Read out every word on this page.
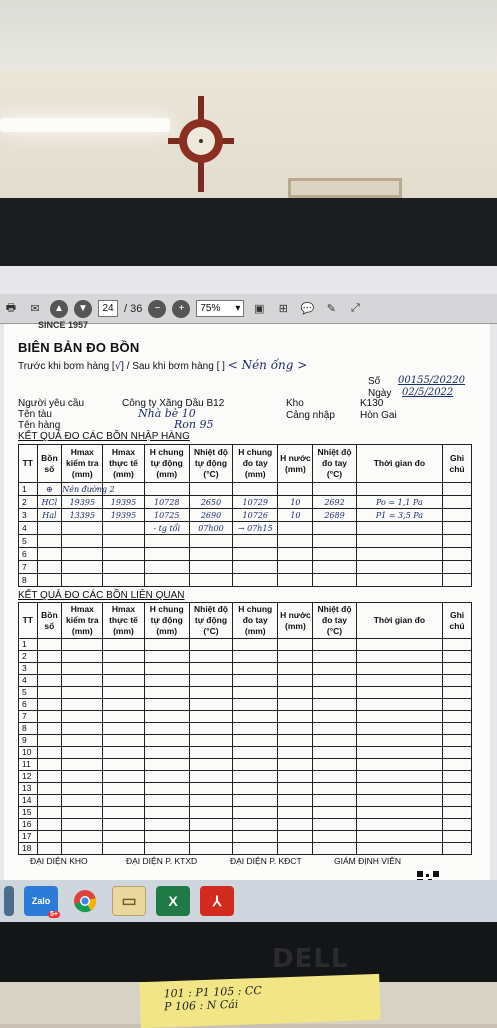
🖶	✉	▲	▼	24 / 36	−	+	75% ▾	▣	⊞	💬	✎	⤢
SINCE 1957
BIÊN BẢN ĐO BỒN
Trước khi bơm hàng [√] / Sau khi bơm hàng [ ] < Nén ống >
Số 00155/20220
Ngày 02/5/2022
Người yêu cầu	Công ty Xăng Dầu B12	Kho	K130
Tên tàu	Nhà bè 10	Cảng nhập	Hòn Gai
Tên hàng	Ron 95
KẾT QUẢ ĐO CÁC BỒN NHẬP HÀNG
TT	Bồn số	Hmax kiểm tra (mm)	Hmax thực tế (mm)	H chung tự động (mm)	Nhiệt độ tự động (°C)	H chung đo tay (mm)	H nước (mm)	Nhiệt độ đo tay (°C)	Thời gian đo	Ghi chú
1	⊕	Nén đường 2								
2	HCl	19395	19395	10728	2650	10729	10	2692	Po = 1,1 Pa	
3	Hal	13395	19395	10725	2690	10726	10	2689	P1 = 3,5 Pa	
4				- tg tổi	07h00	→ 07h15				
5										
6										
7										
8										
KẾT QUẢ ĐO CÁC BỒN LIÊN QUAN
TT	Bồn số	Hmax kiểm tra (mm)	Hmax thực tế (mm)	H chung tự động (mm)	Nhiệt độ tự động (°C)	H chung đo tay (mm)	H nước (mm)	Nhiệt độ đo tay (°C)	Thời gian đo	Ghi chú
1										
2										
3										
4										
5										
6										
7										
8										
9										
10										
11										
12										
13										
14										
15										
16										
17										
18										
ĐẠI DIỆN KHO	ĐẠI DIỆN P. KTXD	ĐẠI DIỆN P. KĐCT	GIÁM ĐỊNH VIÊN
Zalo
5+
▭ X	⅄
DELL
101 : P1 105 : CC
P 106 : N Cái
